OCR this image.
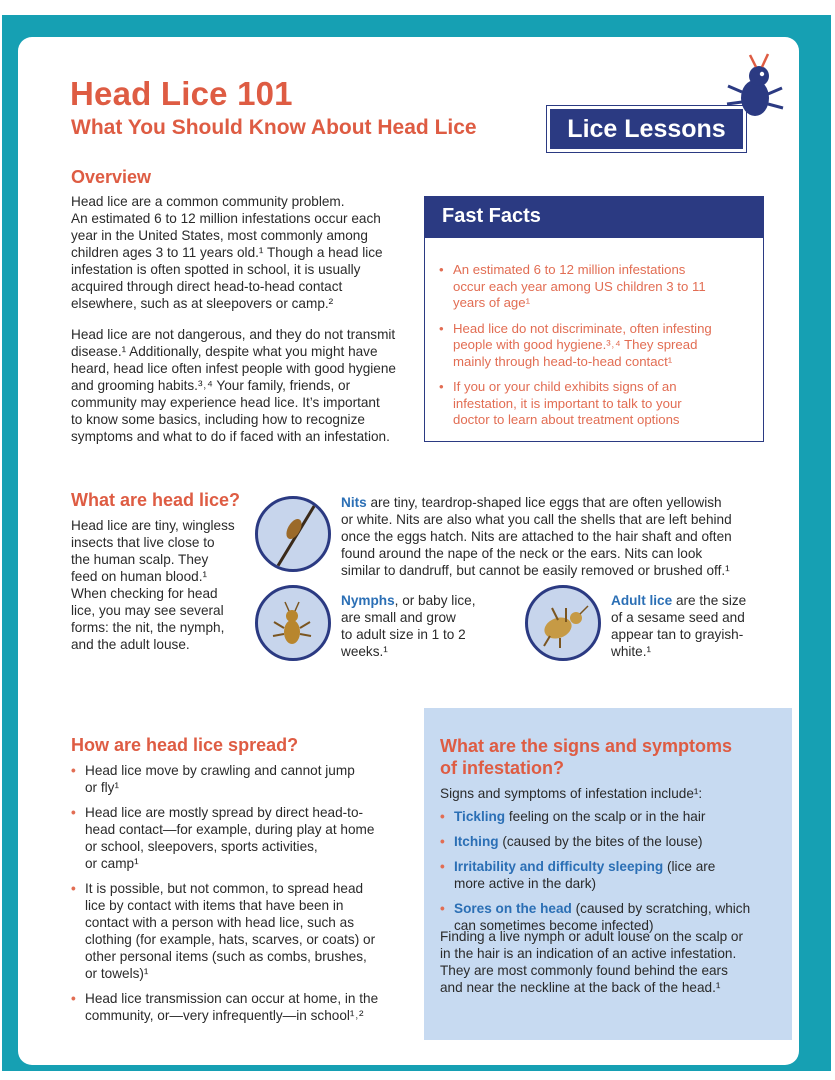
Head Lice 101
What You Should Know About Head Lice	Lice Lessons
Overview
Head lice are a common community problem.
An estimated 6 to 12 million infestations occur each
year in the United States, most commonly among
children ages 3 to 11 years old.¹ Though a head lice
infestation is often spotted in school, it is usually
acquired through direct head-to-head contact
elsewhere, such as at sleepovers or camp.²
Head lice are not dangerous, and they do not transmit
disease.¹ Additionally, despite what you might have
heard, head lice often infest people with good hygiene
and grooming habits.³˒⁴ Your family, friends, or
community may experience head lice. It’s important
to know some basics, including how to recognize
symptoms and what to do if faced with an infestation.
Fast Facts
• An estimated 6 to 12 million infestations
occur each year among US children 3 to 11
years of age¹
• Head lice do not discriminate, often infesting
people with good hygiene.³˒⁴ They spread
mainly through head-to-head contact¹
• If you or your child exhibits signs of an
infestation, it is important to talk to your
doctor to learn about treatment options
What are head lice?
Head lice are tiny, wingless
insects that live close to
the human scalp. They
feed on human blood.¹
When checking for head
lice, you may see several
forms: the nit, the nymph,
and the adult louse.
Nits are tiny, teardrop-shaped lice eggs that are often yellowish
or white. Nits are also what you call the shells that are left behind
once the eggs hatch. Nits are attached to the hair shaft and often
found around the nape of the neck or the ears. Nits can look
similar to dandruff, but cannot be easily removed or brushed off.¹
Nymphs, or baby lice,
are small and grow
to adult size in 1 to 2
weeks.¹
Adult lice are the size
of a sesame seed and
appear tan to grayish-
white.¹
How are head lice spread?
• Head lice move by crawling and cannot jump
or fly¹
• Head lice are mostly spread by direct head-to-
head contact—for example, during play at home
or school, sleepovers, sports activities,
or camp¹
• It is possible, but not common, to spread head
lice by contact with items that have been in
contact with a person with head lice, such as
clothing (for example, hats, scarves, or coats) or
other personal items (such as combs, brushes,
or towels)¹
• Head lice transmission can occur at home, in the
community, or—very infrequently—in school¹˒²
What are the signs and symptoms
of infestation?
Signs and symptoms of infestation include¹:
• Tickling feeling on the scalp or in the hair
• Itching (caused by the bites of the louse)
• Irritability and difficulty sleeping (lice are
more active in the dark)
• Sores on the head (caused by scratching, which
can sometimes become infected)
Finding a live nymph or adult louse on the scalp or
in the hair is an indication of an active infestation.
They are most commonly found behind the ears
and near the neckline at the back of the head.¹
